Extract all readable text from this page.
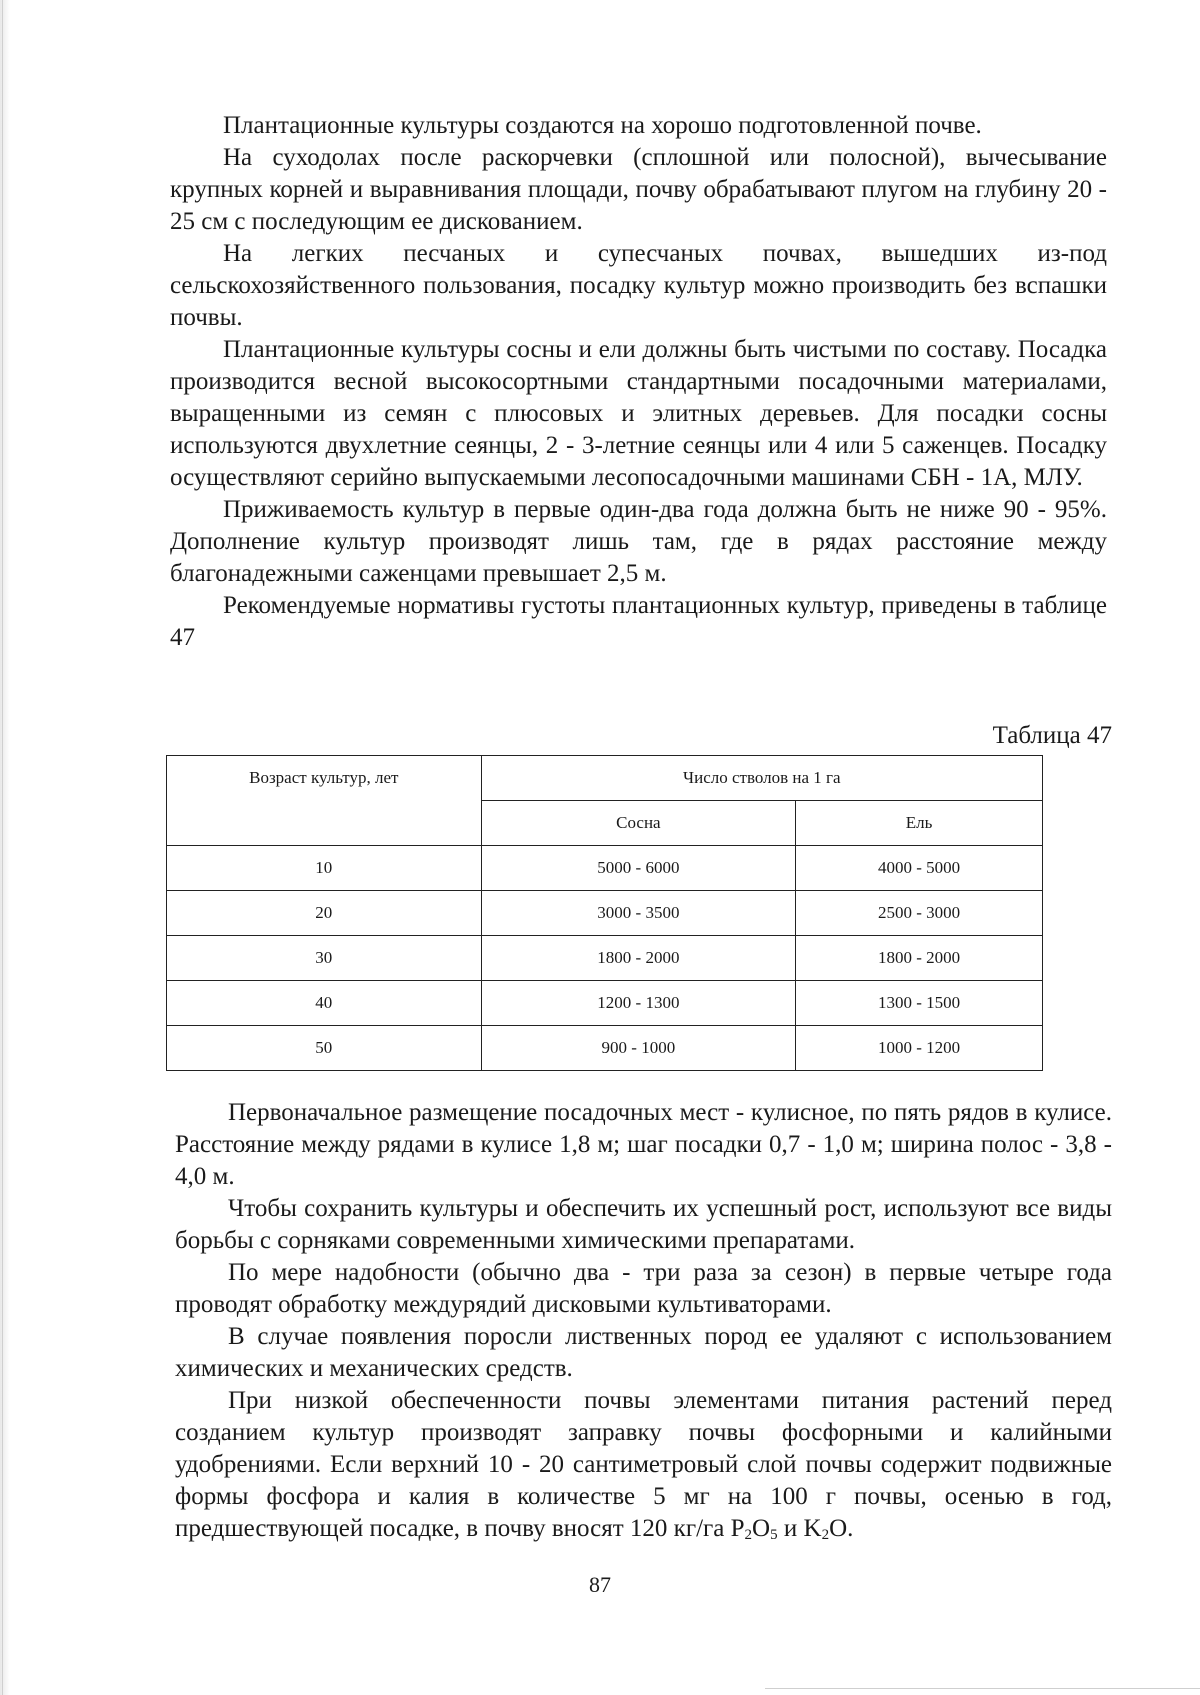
Плантационные культуры создаются на хорошо подготовленной почве.

На суходолах после раскорчевки (сплошной или полосной), вычесывание крупных корней и выравнивания площади, почву обрабатывают плугом на глубину 20 - 25 см с последующим ее дискованием.

На легких песчаных и супесчаных почвах, вышедших из-под сельскохозяйственного пользования, посадку культур можно производить без вспашки почвы.

Плантационные культуры сосны и ели должны быть чистыми по составу. Посадка производится весной высокосортными стандартными посадочными материалами, выращенными из семян с плюсовых и элитных деревьев. Для посадки сосны используются двухлетние сеянцы, 2 - 3-летние сеянцы или 4 или 5 саженцев. Посадку осуществляют серийно выпускаемыми лесопосадочными машинами СБН - 1А, МЛУ.

Приживаемость культур в первые один-два года должна быть не ниже 90 - 95%. Дополнение культур производят лишь там, где в рядах расстояние между благонадежными саженцами превышает 2,5 м.

Рекомендуемые нормативы густоты плантационных культур, приведены в таблице 47

Таблица 47
Возраст культур, лет	Число стволов на 1 га	
	Сосна	Ель
10	5000 - 6000	4000 - 5000
20	3000 - 3500	2500 - 3000
30	1800 - 2000	1800 - 2000
40	1200 - 1300	1300 - 1500
50	900 - 1000	1000 - 1200

Первоначальное размещение посадочных мест - кулисное, по пять рядов в кулисе. Расстояние между рядами в кулисе 1,8 м; шаг посадки 0,7 - 1,0 м; ширина полос - 3,8 - 4,0 м.

Чтобы сохранить культуры и обеспечить их успешный рост, используют все виды борьбы с сорняками современными химическими препаратами.

По мере надобности (обычно два - три раза за сезон) в первые четыре года проводят обработку междурядий дисковыми культиваторами.

В случае появления поросли лиственных пород ее удаляют с использованием химических и механических средств.

При низкой обеспеченности почвы элементами питания растений перед созданием культур производят заправку почвы фосфорными и калийными удобрениями. Если верхний 10 - 20 сантиметровый слой почвы содержит подвижные формы фосфора и калия в количестве 5 мг на 100 г почвы, осенью в год, предшествующей посадке, в почву вносят 120 кг/га $P_2O_5$ и $K_2O$.

87
